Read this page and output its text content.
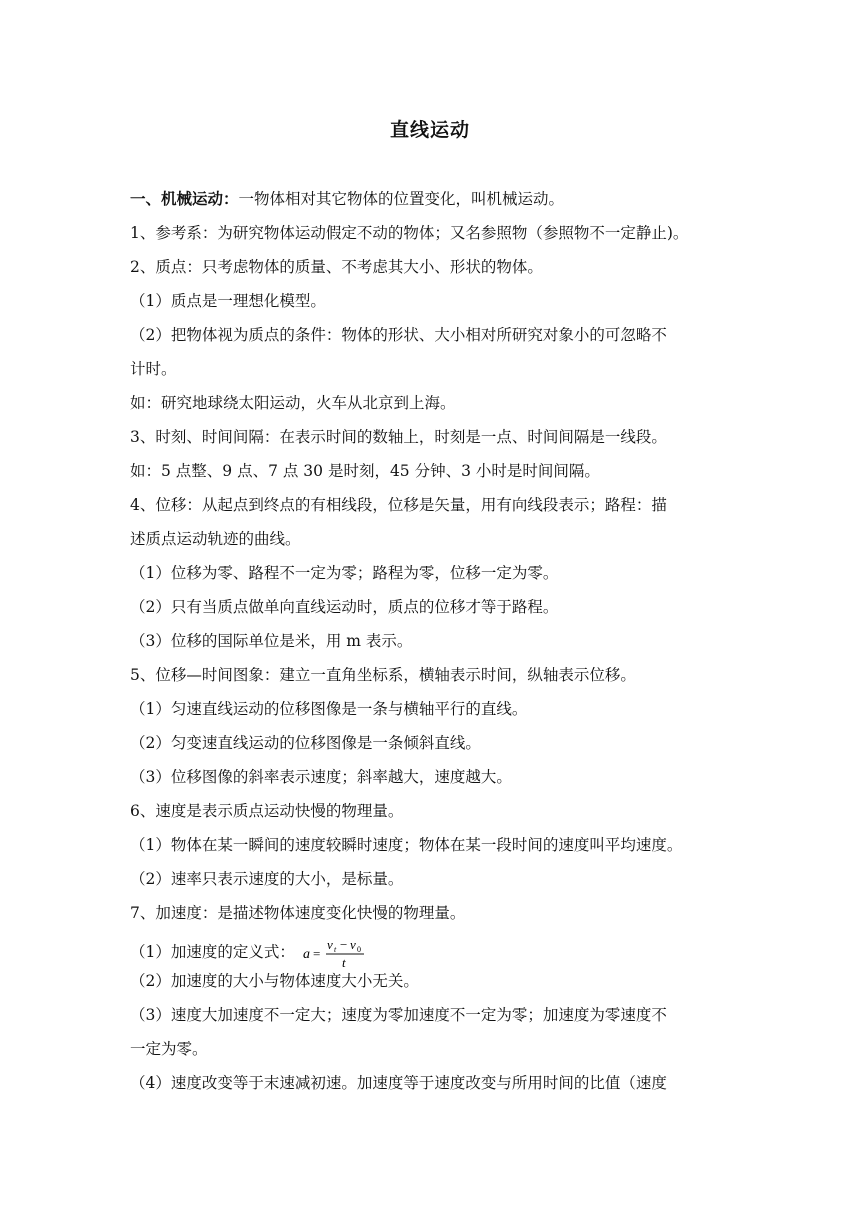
直线运动
一、机械运动：一物体相对其它物体的位置变化，叫机械运动。
1、参考系：为研究物体运动假定不动的物体；又名参照物（参照物不一定静止)。
2、质点：只考虑物体的质量、不考虑其大小、形状的物体。
（1）质点是一理想化模型。
（2）把物体视为质点的条件：物体的形状、大小相对所研究对象小的可忽略不
计时。
如：研究地球绕太阳运动，火车从北京到上海。
3、时刻、时间间隔：在表示时间的数轴上，时刻是一点、时间间隔是一线段。
如：5 点整、9 点、7 点 30 是时刻，45 分钟、3 小时是时间间隔。
4、位移：从起点到终点的有相线段，位移是矢量，用有向线段表示；路程：描
述质点运动轨迹的曲线。
（1）位移为零、路程不一定为零；路程为零，位移一定为零。
（2）只有当质点做单向直线运动时，质点的位移才等于路程。
（3）位移的国际单位是米，用 m 表示。
5、位移—时间图象：建立一直角坐标系，横轴表示时间，纵轴表示位移。
（1）匀速直线运动的位移图像是一条与横轴平行的直线。
（2）匀变速直线运动的位移图像是一条倾斜直线。
（3）位移图像的斜率表示速度；斜率越大，速度越大。
6、速度是表示质点运动快慢的物理量。
（1）物体在某一瞬间的速度较瞬时速度；物体在某一段时间的速度叫平均速度。
（2）速率只表示速度的大小，是标量。
7、加速度：是描述物体速度变化快慢的物理量。
（1）加速度的定义式： a =
v t − v 0
t
（2）加速度的大小与物体速度大小无关。
（3）速度大加速度不一定大；速度为零加速度不一定为零；加速度为零速度不
一定为零。
（4）速度改变等于末速减初速。加速度等于速度改变与所用时间的比值（速度
